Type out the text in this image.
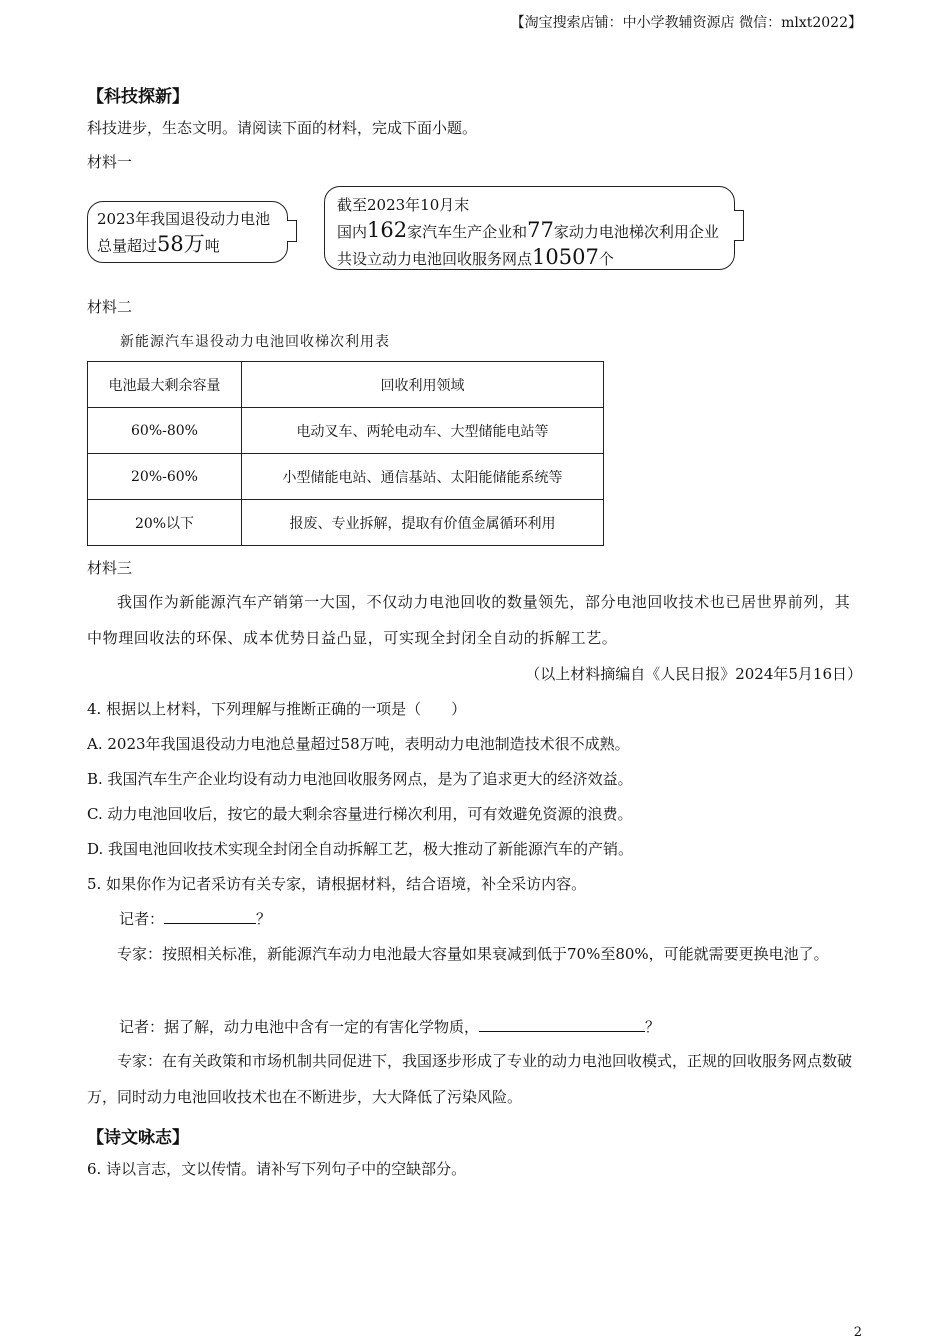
【淘宝搜索店铺：中小学教辅资源店 微信：mlxt2022】
【科技探新】
科技进步，生态文明。请阅读下面的材料，完成下面小题。
材料一
2023年我国退役动力电池
总量超过58万吨
截至2023年10月末
国内162家汽车生产企业和77家动力电池梯次利用企业
共设立动力电池回收服务网点10507个
材料二
新能源汽车退役动力电池回收梯次利用表
电池最大剩余容量	回收利用领域
60%-80%	电动叉车、两轮电动车、大型储能电站等
20%-60%	小型储能电站、通信基站、太阳能储能系统等
20%以下	报废、专业拆解，提取有价值金属循环利用
材料三
我国作为新能源汽车产销第一大国，不仅动力电池回收的数量领先，部分电池回收技术也已居世界前列，其中物理回收法的环保、成本优势日益凸显，可实现全封闭全自动的拆解工艺。
（以上材料摘编自《人民日报》2024年5月16日）
4. 根据以上材料，下列理解与推断正确的一项是（　　）
A. 2023年我国退役动力电池总量超过58万吨，表明动力电池制造技术很不成熟。
B. 我国汽车生产企业均设有动力电池回收服务网点，是为了追求更大的经济效益。
C. 动力电池回收后，按它的最大剩余容量进行梯次利用，可有效避免资源的浪费。
D. 我国电池回收技术实现全封闭全自动拆解工艺，极大推动了新能源汽车的产销。
5. 如果你作为记者采访有关专家，请根据材料，结合语境，补全采访内容。
记者：	？
专家：按照相关标准，新能源汽车动力电池最大容量如果衰减到低于70%至80%，可能就需要更换电池了。
记者：据了解，动力电池中含有一定的有害化学物质，	？
专家：在有关政策和市场机制共同促进下，我国逐步形成了专业的动力电池回收模式，正规的回收服务网点数破万，同时动力电池回收技术也在不断进步，大大降低了污染风险。
【诗文咏志】
6. 诗以言志，文以传情。请补写下列句子中的空缺部分。
2
